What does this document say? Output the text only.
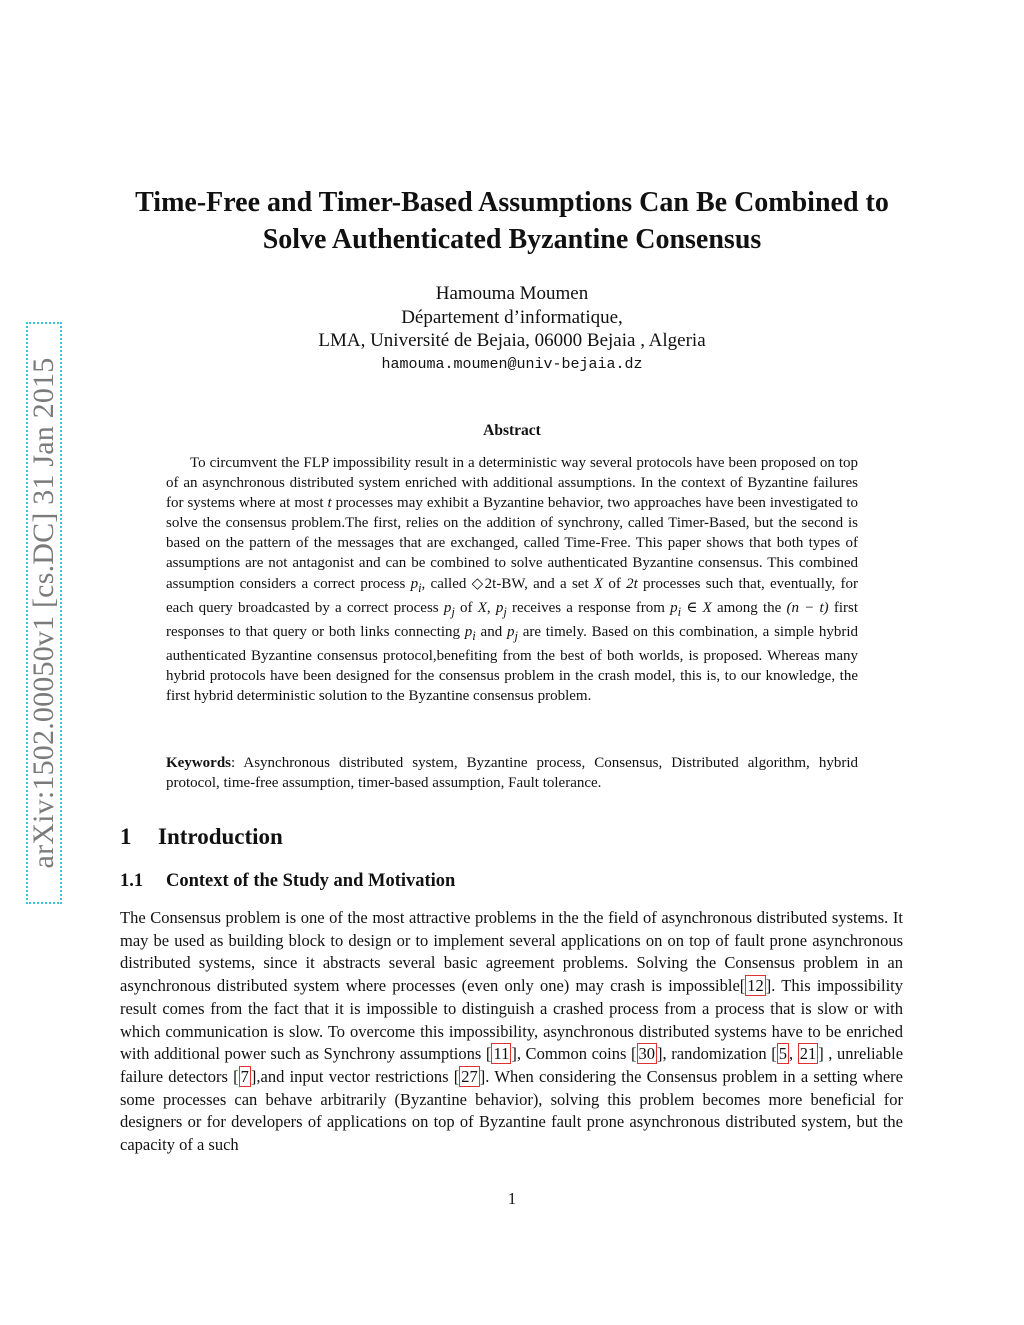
arXiv:1502.00050v1 [cs.DC] 31 Jan 2015
Time-Free and Timer-Based Assumptions Can Be Combined to
Solve Authenticated Byzantine Consensus
Hamouma Moumen
Département d’informatique,
LMA, Université de Bejaia, 06000 Bejaia , Algeria
hamouma.moumen@univ-bejaia.dz
Abstract

To circumvent the FLP impossibility result in a deterministic way several protocols have been proposed on top of an asynchronous distributed system enriched with additional assumptions. In the context of Byzantine failures for systems where at most t processes may exhibit a Byzantine behavior, two approaches have been investigated to solve the consensus problem.The first, relies on the addition of synchrony, called Timer-Based, but the second is based on the pattern of the messages that are exchanged, called Time-Free. This paper shows that both types of assumptions are not antagonist and can be combined to solve authenticated Byzantine consensus. This combined assumption considers a correct process $p_i$, called ◇2t-BW, and a set X of 2t processes such that, eventually, for each query broadcasted by a correct process $p_j$ of X, $p_j$ receives a response from $p_i$ ∈ X among the (n − t) first responses to that query or both links connecting $p_i$ and $p_j$ are timely. Based on this combination, a simple hybrid authenticated Byzantine consensus protocol,benefiting from the best of both worlds, is proposed. Whereas many hybrid protocols have been designed for the consensus problem in the crash model, this is, to our knowledge, the first hybrid deterministic solution to the Byzantine consensus problem.

Keywords: Asynchronous distributed system, Byzantine process, Consensus, Distributed algorithm, hybrid protocol, time-free assumption, timer-based assumption, Fault tolerance.

1 Introduction
1.1 Context of the Study and Motivation

The Consensus problem is one of the most attractive problems in the the field of asynchronous distributed systems. It may be used as building block to design or to implement several applications on on top of fault prone asynchronous distributed systems, since it abstracts several basic agreement problems. Solving the Consensus problem in an asynchronous distributed system where processes (even only one) may crash is impossible[ 12 ]. This impossibility result comes from the fact that it is impossible to distinguish a crashed process from a process that is slow or with which communication is slow. To overcome this impossibility, asynchronous distributed systems have to be enriched with additional power such as Synchrony assumptions [ 11 ], Common coins [ 30 ], randomization [ 5 , 21 ] , unreliable failure detectors [ 7 ],and input vector restrictions [ 27 ]. When considering the Consensus problem in a setting where some processes can behave arbitrarily (Byzantine behavior), solving this problem becomes more beneficial for designers or for developers of applications on top of Byzantine fault prone asynchronous distributed system, but the capacity of a such

1
